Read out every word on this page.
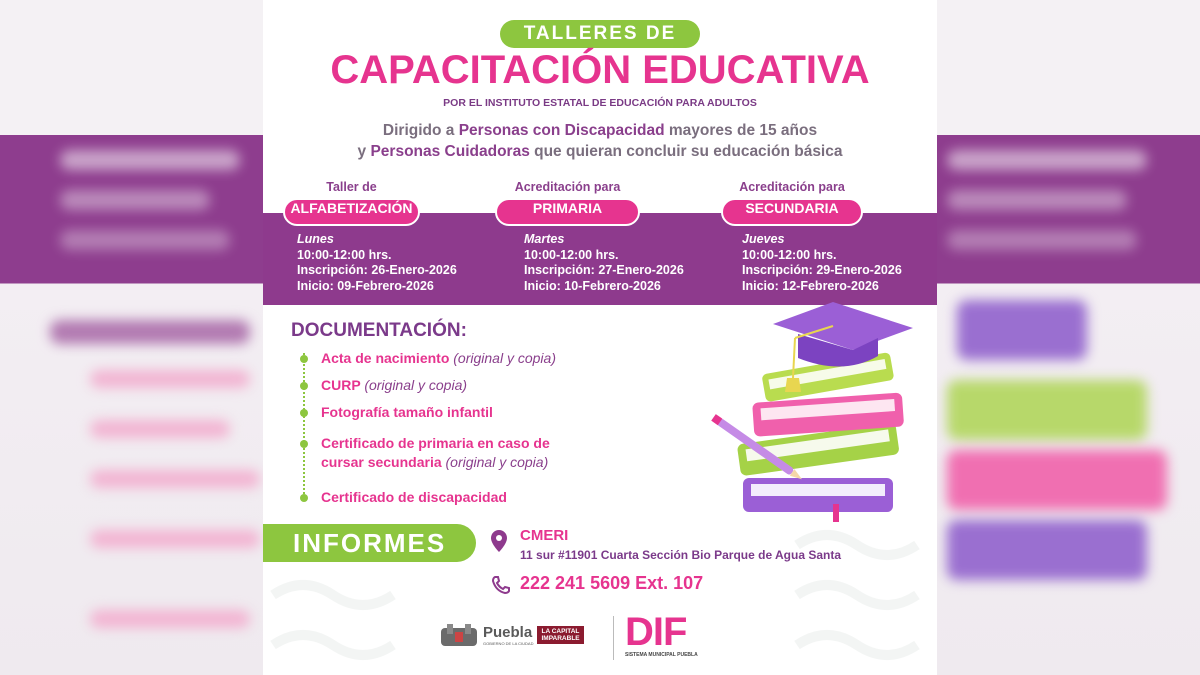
TALLERES DE
CAPACITACIÓN EDUCATIVA
POR EL INSTITUTO ESTATAL DE EDUCACIÓN PARA ADULTOS
Dirigido a Personas con Discapacidad mayores de 15 años
y Personas Cuidadoras que quieran concluir su educación básica
Taller de
ALFABETIZACIÓN
Acreditación para
PRIMARIA
Acreditación para
SECUNDARIA
Lunes
10:00-12:00 hrs.
Inscripción: 26-Enero-2026
Inicio: 09-Febrero-2026
Martes
10:00-12:00 hrs.
Inscripción: 27-Enero-2026
Inicio: 10-Febrero-2026
Jueves
10:00-12:00 hrs.
Inscripción: 29-Enero-2026
Inicio: 12-Febrero-2026
DOCUMENTACIÓN:
Acta de nacimiento (original y copia)
CURP (original y copia)
Fotografía tamaño infantil
Certificado de primaria en caso de
cursar secundaria (original y copia)
Certificado de discapacidad
INFORMES	CMERI
11 sur #11901 Cuarta Sección Bio Parque de Agua Santa
222 241 5609 Ext. 107
Puebla
GOBIERNO DE LA CIUDAD
LA CAPITAL
IMPARABLE DIF
SISTEMA MUNICIPAL PUEBLA
